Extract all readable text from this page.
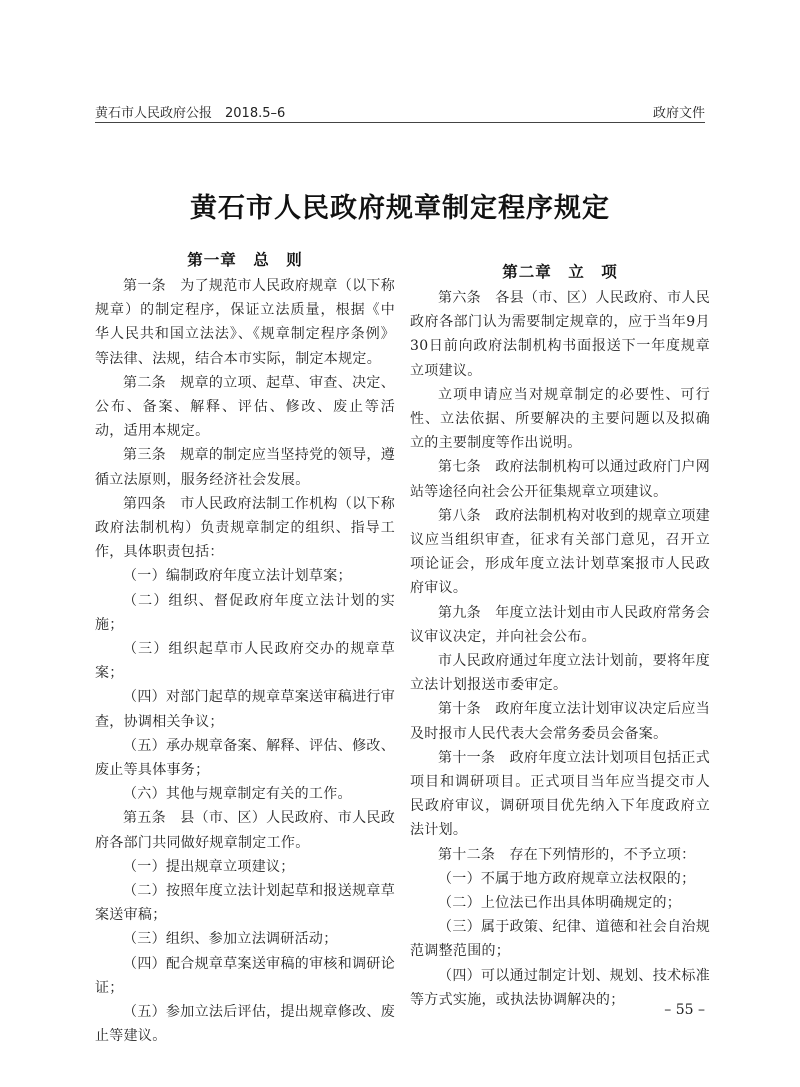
黄石市人民政府公报　2018.5–6	政府文件
黄石市人民政府规章制定程序规定
第一章　总　则

第一条　为了规范市人民政府规章（以下称规章）的制定程序，保证立法质量，根据《中华人民共和国立法法》、《规章制定程序条例》等法律、法规，结合本市实际，制定本规定。

第二条　规章的立项、起草、审查、决定、公布、备案、解释、评估、修改、废止等活动，适用本规定。

第三条　规章的制定应当坚持党的领导，遵循立法原则，服务经济社会发展。

第四条　市人民政府法制工作机构（以下称政府法制机构）负责规章制定的组织、指导工作，具体职责包括：

（一）编制政府年度立法计划草案；

（二）组织、督促政府年度立法计划的实施；

（三）组织起草市人民政府交办的规章草案；

（四）对部门起草的规章草案送审稿进行审查，协调相关争议；

（五）承办规章备案、解释、评估、修改、废止等具体事务；

（六）其他与规章制定有关的工作。

第五条　县（市、区）人民政府、市人民政府各部门共同做好规章制定工作。

（一）提出规章立项建议；

（二）按照年度立法计划起草和报送规章草案送审稿；

（三）组织、参加立法调研活动；

（四）配合规章草案送审稿的审核和调研论证；

（五）参加立法后评估，提出规章修改、废止等建议。

第二章　立　项

第六条　各县（市、区）人民政府、市人民政府各部门认为需要制定规章的，应于当年9月30日前向政府法制机构书面报送下一年度规章立项建议。

立项申请应当对规章制定的必要性、可行性、立法依据、所要解决的主要问题以及拟确立的主要制度等作出说明。

第七条　政府法制机构可以通过政府门户网站等途径向社会公开征集规章立项建议。

第八条　政府法制机构对收到的规章立项建议应当组织审查，征求有关部门意见，召开立项论证会，形成年度立法计划草案报市人民政府审议。

第九条　年度立法计划由市人民政府常务会议审议决定，并向社会公布。

市人民政府通过年度立法计划前，要将年度立法计划报送市委审定。

第十条　政府年度立法计划审议决定后应当及时报市人民代表大会常务委员会备案。

第十一条　政府年度立法计划项目包括正式项目和调研项目。正式项目当年应当提交市人民政府审议，调研项目优先纳入下年度政府立法计划。

第十二条　存在下列情形的，不予立项：

（一）不属于地方政府规章立法权限的；

（二）上位法已作出具体明确规定的；

（三）属于政策、纪律、道德和社会自治规范调整范围的；

（四）可以通过制定计划、规划、技术标准等方式实施，或执法协调解决的；

– 55 –
